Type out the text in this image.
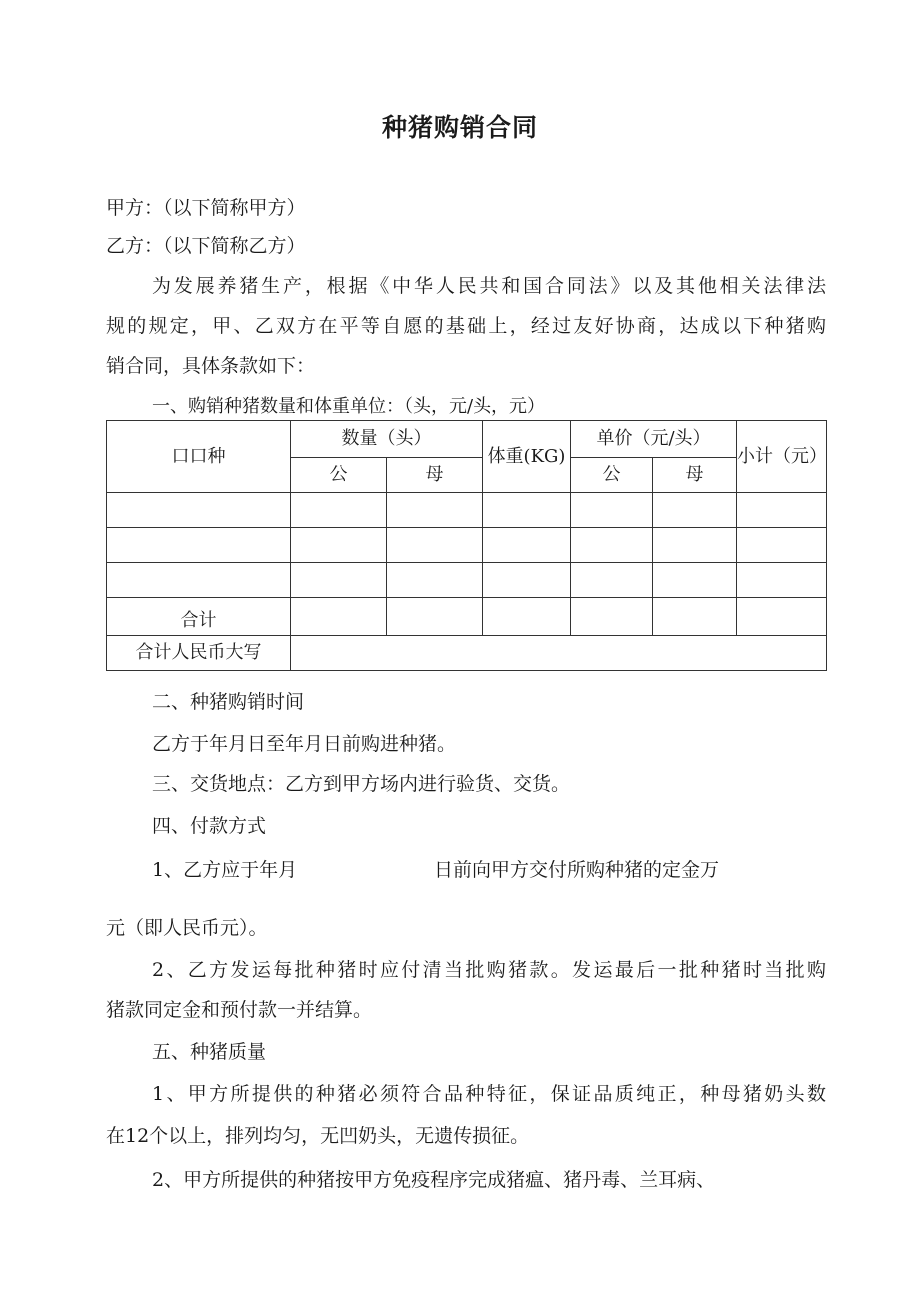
种猪购销合同
甲方：（以下简称甲方）
乙方：（以下简称乙方）
为发展养猪生产，根据《中华人民共和国合同法》以及其他相关法律法
规的规定，甲、乙双方在平等自愿的基础上，经过友好协商，达成以下种猪购
销合同，具体条款如下：
一、购销种猪数量和体重单位：（头，元/头，元）
口口种	数量（头）		体重(KG)	单价（元/头）		小计（元）
	公	母		公	母	

合计						
合计人民币大写						
二、种猪购销时间
乙方于年月日至年月日前购进种猪。
三、交货地点：乙方到甲方场内进行验货、交货。
四、付款方式
1、乙方应于年月	日前向甲方交付所购种猪的定金万
元（即人民币元）。
2、乙方发运每批种猪时应付清当批购猪款。发运最后一批种猪时当批购
猪款同定金和预付款一并结算。
五、种猪质量
1、甲方所提供的种猪必须符合品种特征，保证品质纯正，种母猪奶头数
在12个以上，排列均匀，无凹奶头，无遗传损征。
2、甲方所提供的种猪按甲方免疫程序完成猪瘟、猪丹毒、兰耳病、
